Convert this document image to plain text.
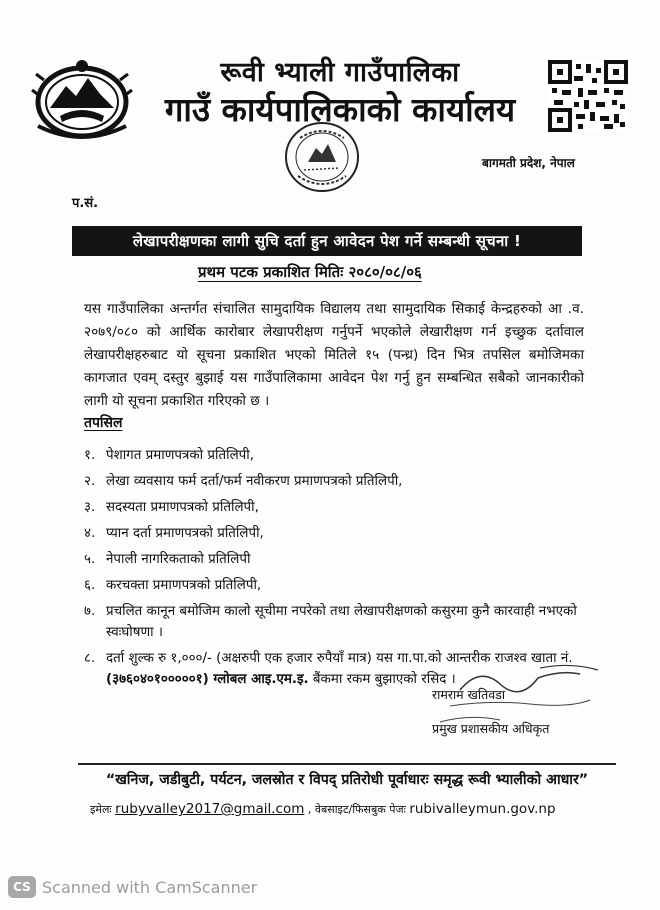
रूवी भ्याली गाउँपालिका
गाउँ कार्यपालिकाको कार्यालय
बागमती प्रदेश, नेपाल
प.सं.
लेखापरीक्षणका लागी सुचि दर्ता हुन आवेदन पेश गर्ने सम्बन्धी सूचना !
प्रथम पटक प्रकाशित मितिः २०८०/०८/०६
यस गाउँपालिका अन्तर्गत संचालित सामुदायिक विद्यालय तथा सामुदायिक सिकाई केन्द्रहरुको आ .व. २०७९/०८० को आर्थिक कारोबार लेखापरीक्षण गर्नुपर्ने भएकोले लेखारीक्षण गर्न इच्छुक दर्तावाल लेखापरीक्षहरुबाट यो सूचना प्रकाशित भएको मितिले १५ (पन्ध्र) दिन भित्र तपसिल बमोजिमका कागजात एवम् दस्तुर बुझाई यस गाउँपालिकामा आवेदन पेश गर्नु हुन सम्बन्धित सबैको जानकारीको लागी यो सूचना प्रकाशित गरिएको छ ।
तपसिल
१. पेशागत प्रमाणपत्रको प्रतिलिपी,
२. लेखा व्यवसाय फर्म दर्ता/फर्म नवीकरण प्रमाणपत्रको प्रतिलिपी,
३. सदस्यता प्रमाणपत्रको प्रतिलिपी,
४. प्यान दर्ता प्रमाणपत्रको प्रतिलिपी,
५. नेपाली नागरिकताको प्रतिलिपी
६. करचक्ता प्रमाणपत्रको प्रतिलिपी,
७. प्रचलित कानून बमोजिम कालो सूचीमा नपरेको तथा लेखापरीक्षणको कसुरमा कुनै कारवाही नभएको स्वःघोषणा ।
८. दर्ता शुल्क रु १,०००/- (अक्षरुपी एक हजार रुपैयाँ मात्र) यस गा.पा.को आन्तरीक राजश्व खाता नं. (३७६०४०१०००००१) ग्लोबल आइ.एम.इ. बैंकमा रकम बुझाएको रसिद ।
रामराम खतिवडा
प्रमुख प्रशासकीय अधिकृत
“खनिज, जडीबुटी, पर्यटन, जलस्रोत र विपद् प्रतिरोधी पूर्वाधारः समृद्ध रूवी भ्यालीको आधार”
इमेलः rubyvalley2017@gmail.com , वेबसाइट/फिसबुक पेजः rubivalleymun.gov.np
CS Scanned with CamScanner
